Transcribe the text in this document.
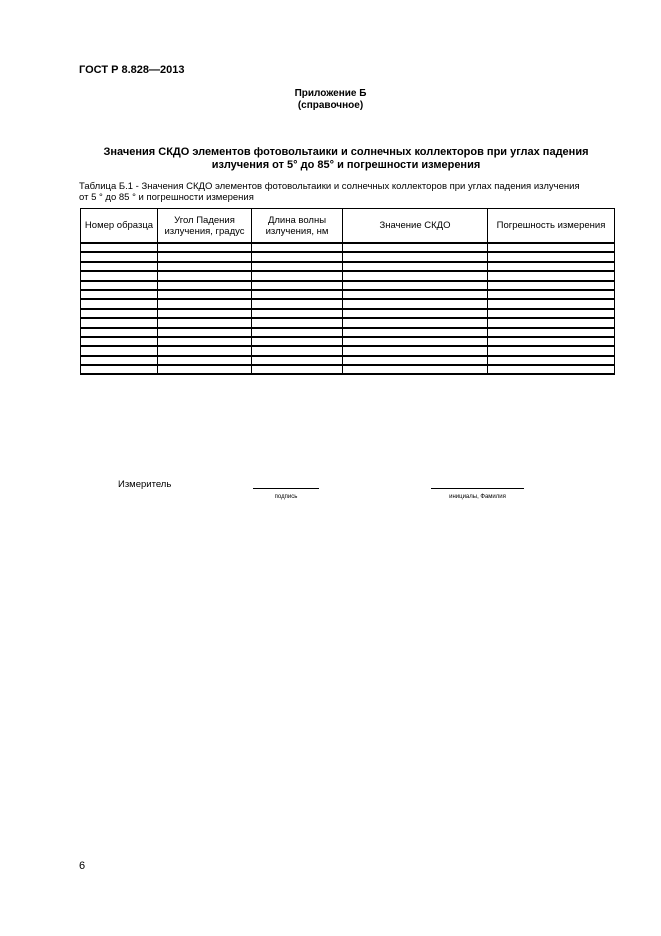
ГОСТ Р 8.828—2013
Приложение Б
(справочное)
Значения СКДО элементов фотовольтаики и солнечных коллекторов при углах падения
излучения от 5° до 85° и погрешности измерения
Таблица Б.1 - Значения СКДО элементов фотовольтаики и солнечных коллекторов при углах падения излучения
от 5 ° до 85 ° и погрешности измерения
Номер образца	Угол Падения излучения, градус	Длина волны излучения, нм	Значение СКДО	Погрешность измерения

Измеритель
подпись	инициалы, Фамилия
6
